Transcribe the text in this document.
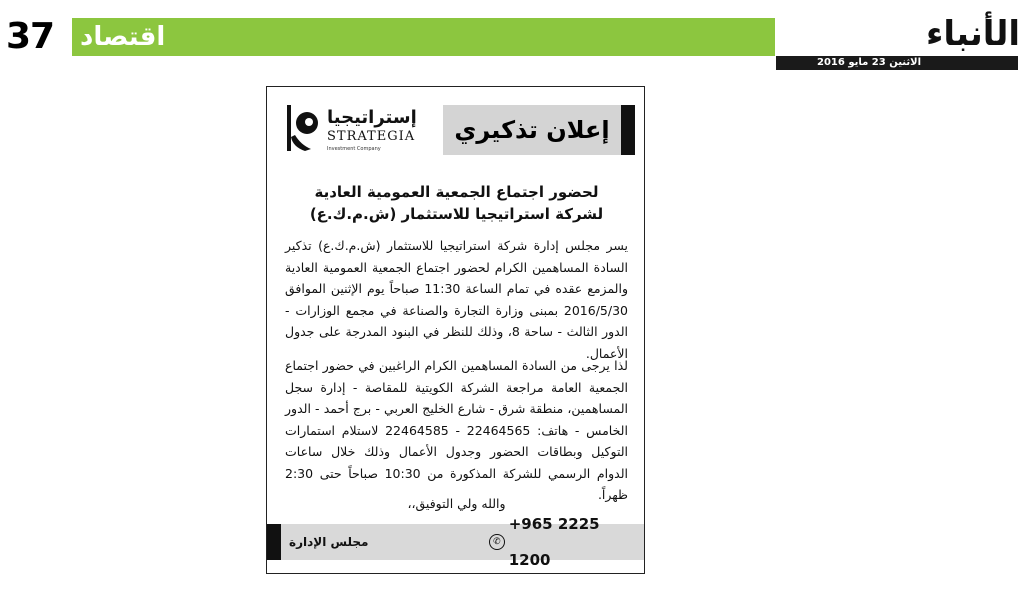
37 اقتصاد	الأنباء
الاثنين 23 مايو 2016
إستراتيجيا
STRATEGIA
Investment Company
إعلان تذكيري
لحضور اجتماع الجمعية العمومية العادية
لشركة استراتيجيا للاستثمار (ش.م.ك.ع)

يسر مجلس إدارة شركة استراتيجيا للاستثمار (ش.م.ك.ع) تذكير السادة المساهمين الكرام لحضور اجتماع الجمعية العمومية العادية والمزمع عقده في تمام الساعة 11:30 صباحاً يوم الإثنين الموافق 2016/5/30 بمبنى وزارة التجارة والصناعة في مجمع الوزارات - الدور الثالث - ساحة 8، وذلك للنظر في البنود المدرجة على جدول الأعمال.

لذا يرجى من السادة المساهمين الكرام الراغبين في حضور اجتماع الجمعية العامة مراجعة الشركة الكويتية للمقاصة - إدارة سجل المساهمين، منطقة شرق - شارع الخليج العربي - برج أحمد - الدور الخامس - هاتف: 22464565 - 22464585 لاستلام استمارات التوكيل وبطاقات الحضور وجدول الأعمال وذلك خلال ساعات الدوام الرسمي للشركة المذكورة من 10:30 صباحاً حتى 2:30 ظهراً.

والله ولي التوفيق،،
✆
+965 2225 1200
مجلس الإدارة
